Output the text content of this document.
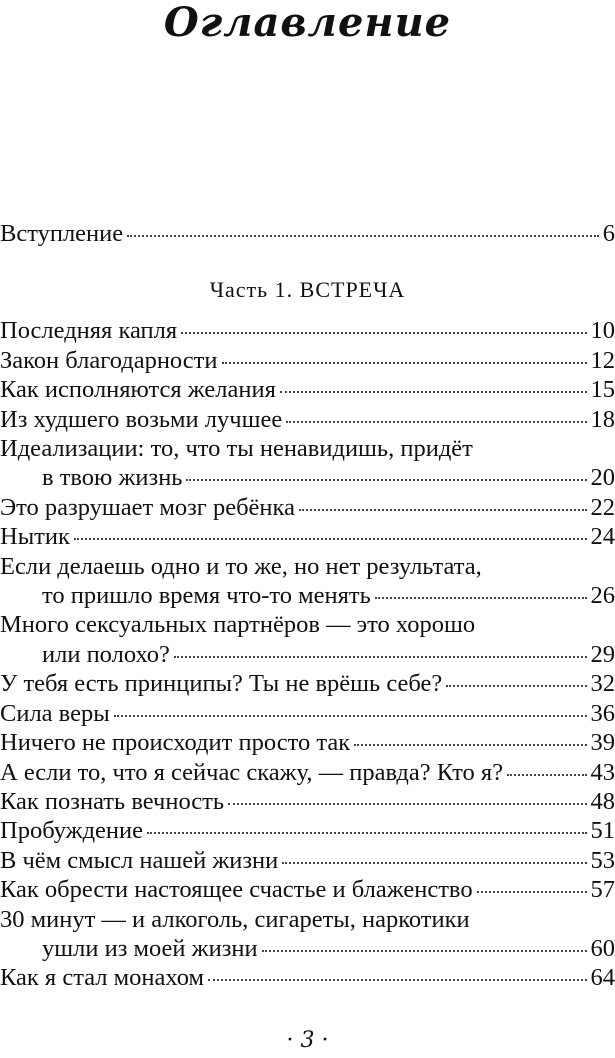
Оглавление
Вступление	6
Часть 1. ВСТРЕЧА
Последняя капля	10
Закон благодарности	12
Как исполняются желания	15
Из худшего возьми лучшее	18
Идеализации: то, что ты ненавидишь, придёт
в твою жизнь	20
Это разрушает мозг ребёнка	22
Нытик	24
Если делаешь одно и то же, но нет результата,
то пришло время что-то менять	26
Много сексуальных партнёров — это хорошо
или полохо?	29
У тебя есть принципы? Ты не врёшь себе?	32
Сила веры	36
Ничего не происходит просто так	39
А если то, что я сейчас скажу, — правда? Кто я?	43
Как познать вечность	48
Пробуждение	51
В чём смысл нашей жизни	53
Как обрести настоящее счастье и блаженство	57
30 минут — и алкоголь, сигареты, наркотики
ушли из моей жизни	60
Как я стал монахом	64
· 3 ·
